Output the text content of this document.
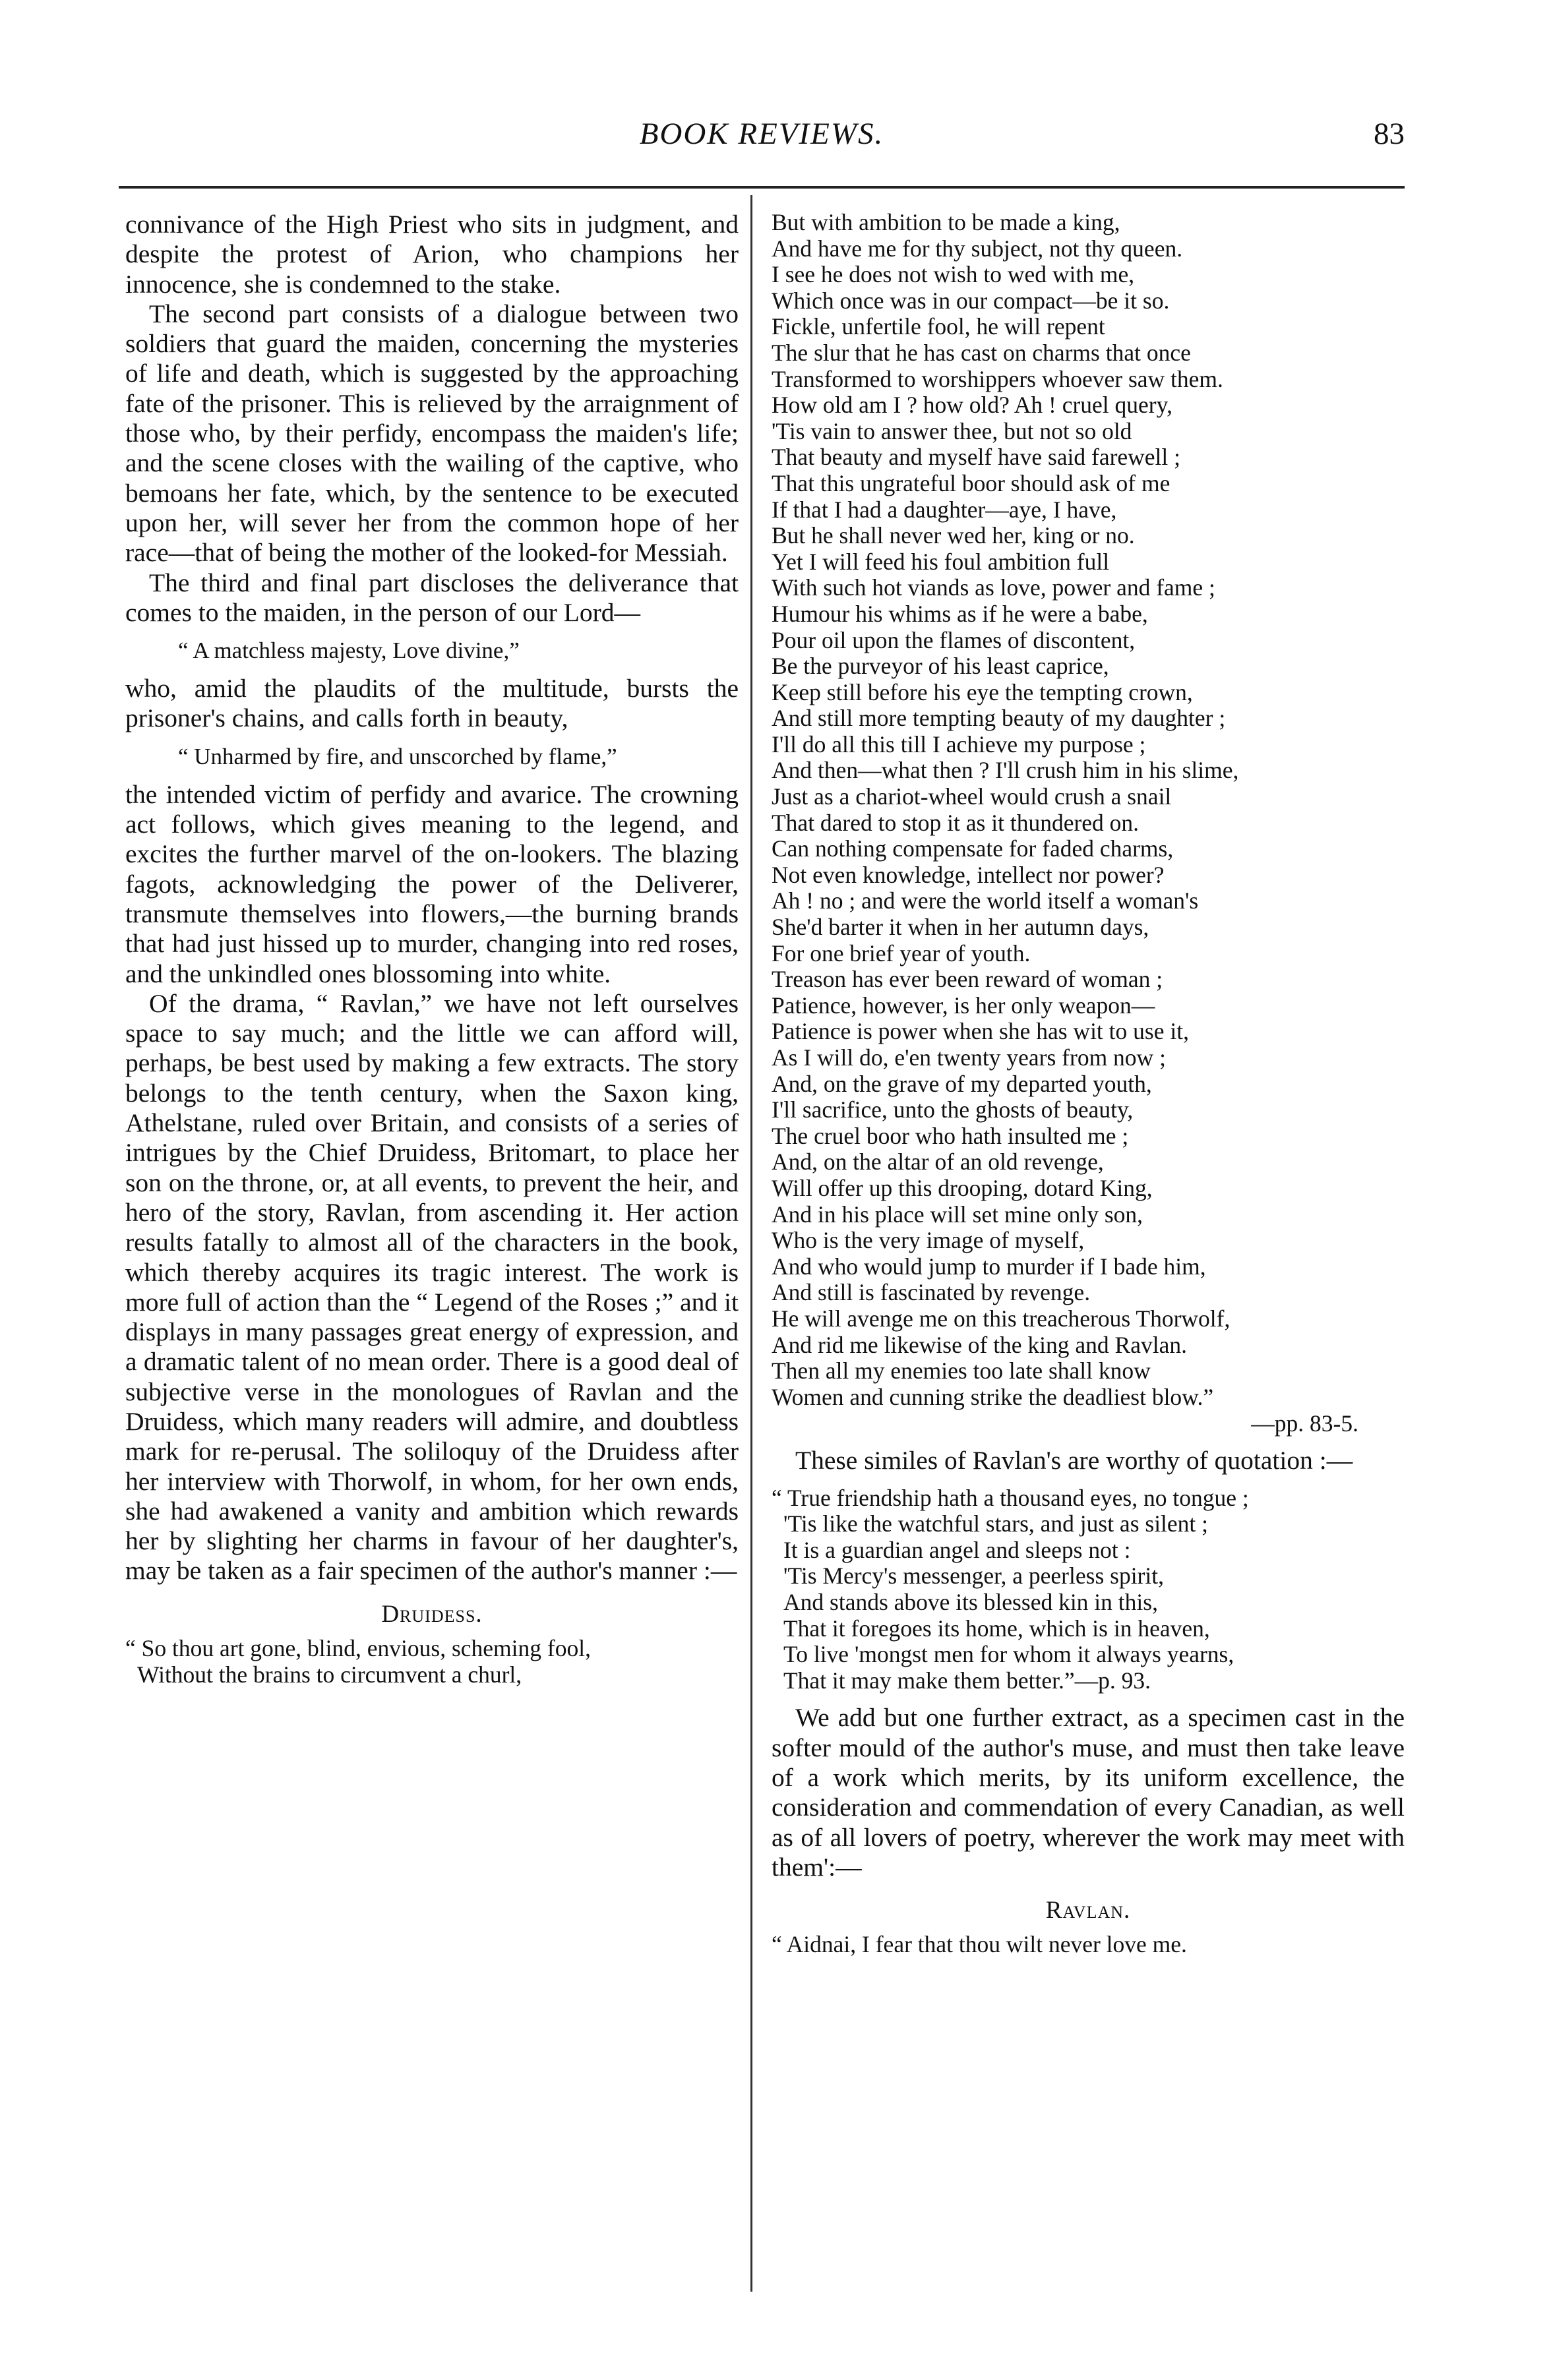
BOOK REVIEWS.	83

connivance of the High Priest who sits in judgment, and despite the protest of Arion, who champions her innocence, she is condemned to the stake.

The second part consists of a dialogue between two soldiers that guard the maiden, concerning the mysteries of life and death, which is suggested by the approaching fate of the prisoner. This is relieved by the arraignment of those who, by their perfidy, encompass the maiden's life; and the scene closes with the wailing of the captive, who bemoans her fate, which, by the sentence to be executed upon her, will sever her from the common hope of her race—that of being the mother of the looked-for Messiah.

The third and final part discloses the deliverance that comes to the maiden, in the person of our Lord—

“ A matchless majesty, Love divine,”

who, amid the plaudits of the multitude, bursts the prisoner's chains, and calls forth in beauty,

“ Unharmed by fire, and unscorched by flame,”

the intended victim of perfidy and avarice. The crowning act follows, which gives meaning to the legend, and excites the further marvel of the on-lookers. The blazing fagots, acknowledging the power of the Deliverer, transmute themselves into flowers,—the burning brands that had just hissed up to murder, changing into red roses, and the unkindled ones blossoming into white.

Of the drama, “ Ravlan,” we have not left ourselves space to say much; and the little we can afford will, perhaps, be best used by making a few extracts. The story belongs to the tenth century, when the Saxon king, Athelstane, ruled over Britain, and consists of a series of intrigues by the Chief Druidess, Britomart, to place her son on the throne, or, at all events, to prevent the heir, and hero of the story, Ravlan, from ascending it. Her action results fatally to almost all of the characters in the book, which thereby acquires its tragic interest. The work is more full of action than the “ Legend of the Roses ;” and it displays in many passages great energy of expression, and a dramatic talent of no mean order. There is a good deal of subjective verse in the monologues of Ravlan and the Druidess, which many readers will admire, and doubtless mark for re-perusal. The soliloquy of the Druidess after her interview with Thorwolf, in whom, for her own ends, she had awakened a vanity and ambition which rewards her by slighting her charms in favour of her daughter's, may be taken as a fair specimen of the author's manner :—

Druidess.
“ So thou art gone, blind, envious, scheming fool,
Without the brains to circumvent a churl,
But with ambition to be made a king,
And have me for thy subject, not thy queen.
I see he does not wish to wed with me,
Which once was in our compact—be it so.
Fickle, unfertile fool, he will repent
The slur that he has cast on charms that once
Transformed to worshippers whoever saw them.
How old am I ? how old? Ah ! cruel query,
'Tis vain to answer thee, but not so old
That beauty and myself have said farewell ;
That this ungrateful boor should ask of me
If that I had a daughter—aye, I have,
But he shall never wed her, king or no.
Yet I will feed his foul ambition full
With such hot viands as love, power and fame ;
Humour his whims as if he were a babe,
Pour oil upon the flames of discontent,
Be the purveyor of his least caprice,
Keep still before his eye the tempting crown,
And still more tempting beauty of my daughter ;
I'll do all this till I achieve my purpose ;
And then—what then ? I'll crush him in his slime,
Just as a chariot-wheel would crush a snail
That dared to stop it as it thundered on.
Can nothing compensate for faded charms,
Not even knowledge, intellect nor power?
Ah ! no ; and were the world itself a woman's
She'd barter it when in her autumn days,
For one brief year of youth.
Treason has ever been reward of woman ;
Patience, however, is her only weapon—
Patience is power when she has wit to use it,
As I will do, e'en twenty years from now ;
And, on the grave of my departed youth,
I'll sacrifice, unto the ghosts of beauty,
The cruel boor who hath insulted me ;
And, on the altar of an old revenge,
Will offer up this drooping, dotard King,
And in his place will set mine only son,
Who is the very image of myself,
And who would jump to murder if I bade him,
And still is fascinated by revenge.
He will avenge me on this treacherous Thorwolf,
And rid me likewise of the king and Ravlan.
Then all my enemies too late shall know
Women and cunning strike the deadliest blow.”
—pp. 83-5.

These similes of Ravlan's are worthy of quotation :—

“ True friendship hath a thousand eyes, no tongue ;
'Tis like the watchful stars, and just as silent ;
It is a guardian angel and sleeps not :
'Tis Mercy's messenger, a peerless spirit,
And stands above its blessed kin in this,
That it foregoes its home, which is in heaven,
To live 'mongst men for whom it always yearns,
That it may make them better.”—p. 93.

We add but one further extract, as a specimen cast in the softer mould of the author's muse, and must then take leave of a work which merits, by its uniform excellence, the consideration and commendation of every Canadian, as well as of all lovers of poetry, wherever the work may meet with them':—

Ravlan.
“ Aidnai, I fear that thou wilt never love me.
